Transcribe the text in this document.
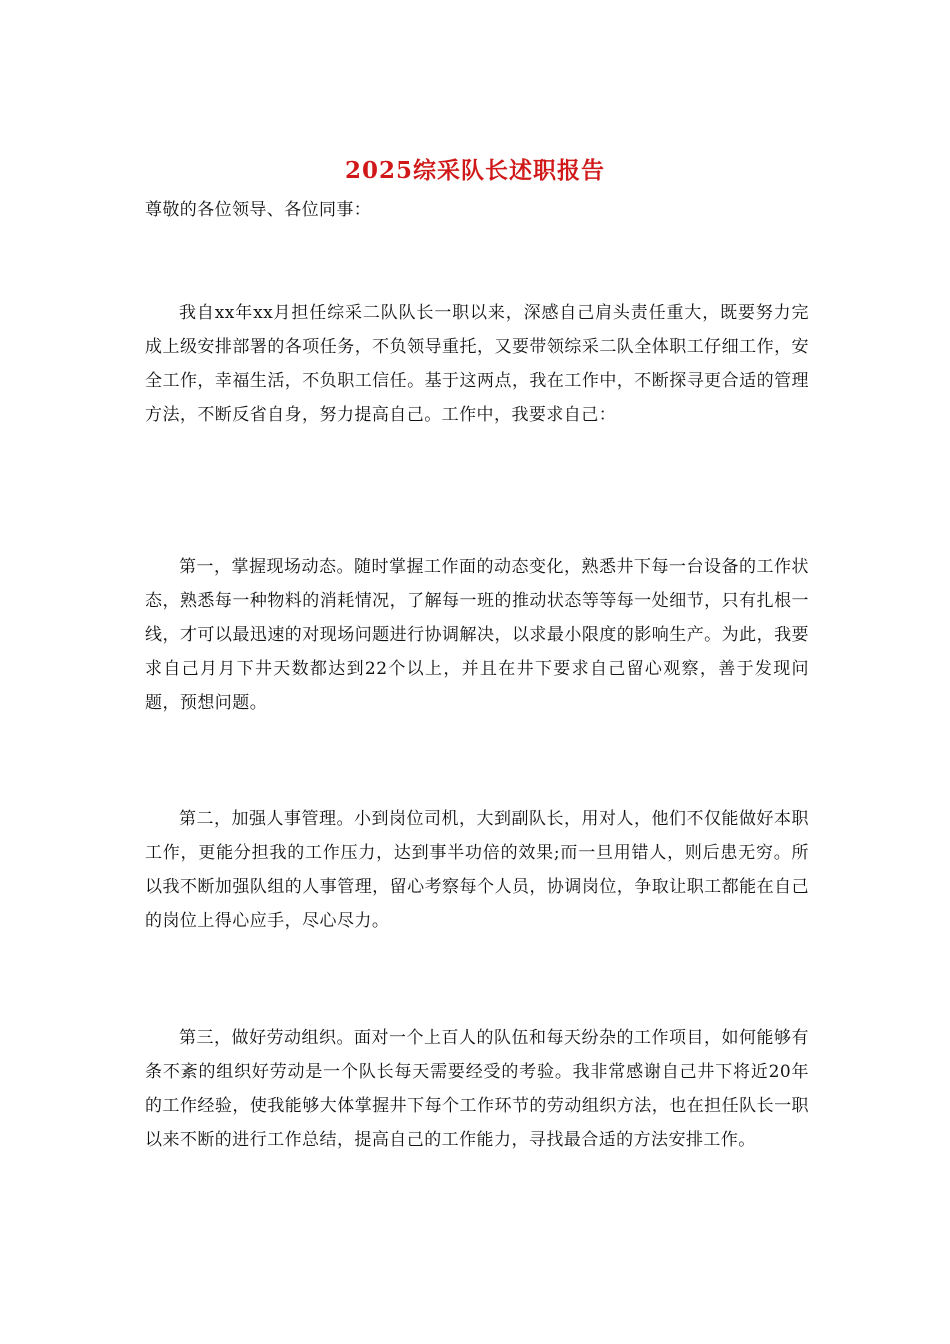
2025综采队长述职报告
尊敬的各位领导、各位同事：

我自xx年xx月担任综采二队队长一职以来，深感自己肩头责任重大，既要努力完成上级安排部署的各项任务，不负领导重托，又要带领综采二队全体职工仔细工作，安全工作，幸福生活，不负职工信任。基于这两点，我在工作中，不断探寻更合适的管理方法，不断反省自身，努力提高自己。工作中，我要求自己：

第一，掌握现场动态。随时掌握工作面的动态变化，熟悉井下每一台设备的工作状态，熟悉每一种物料的消耗情况，了解每一班的推动状态等等每一处细节，只有扎根一线，才可以最迅速的对现场问题进行协调解决，以求最小限度的影响生产。为此，我要求自己月月下井天数都达到22个以上，并且在井下要求自己留心观察，善于发现问题，预想问题。

第二，加强人事管理。小到岗位司机，大到副队长，用对人，他们不仅能做好本职工作，更能分担我的工作压力，达到事半功倍的效果;而一旦用错人，则后患无穷。所以我不断加强队组的人事管理，留心考察每个人员，协调岗位，争取让职工都能在自己的岗位上得心应手，尽心尽力。

第三，做好劳动组织。面对一个上百人的队伍和每天纷杂的工作项目，如何能够有条不紊的组织好劳动是一个队长每天需要经受的考验。我非常感谢自己井下将近20年的工作经验，使我能够大体掌握井下每个工作环节的劳动组织方法，也在担任队长一职以来不断的进行工作总结，提高自己的工作能力，寻找最合适的方法安排工作。
